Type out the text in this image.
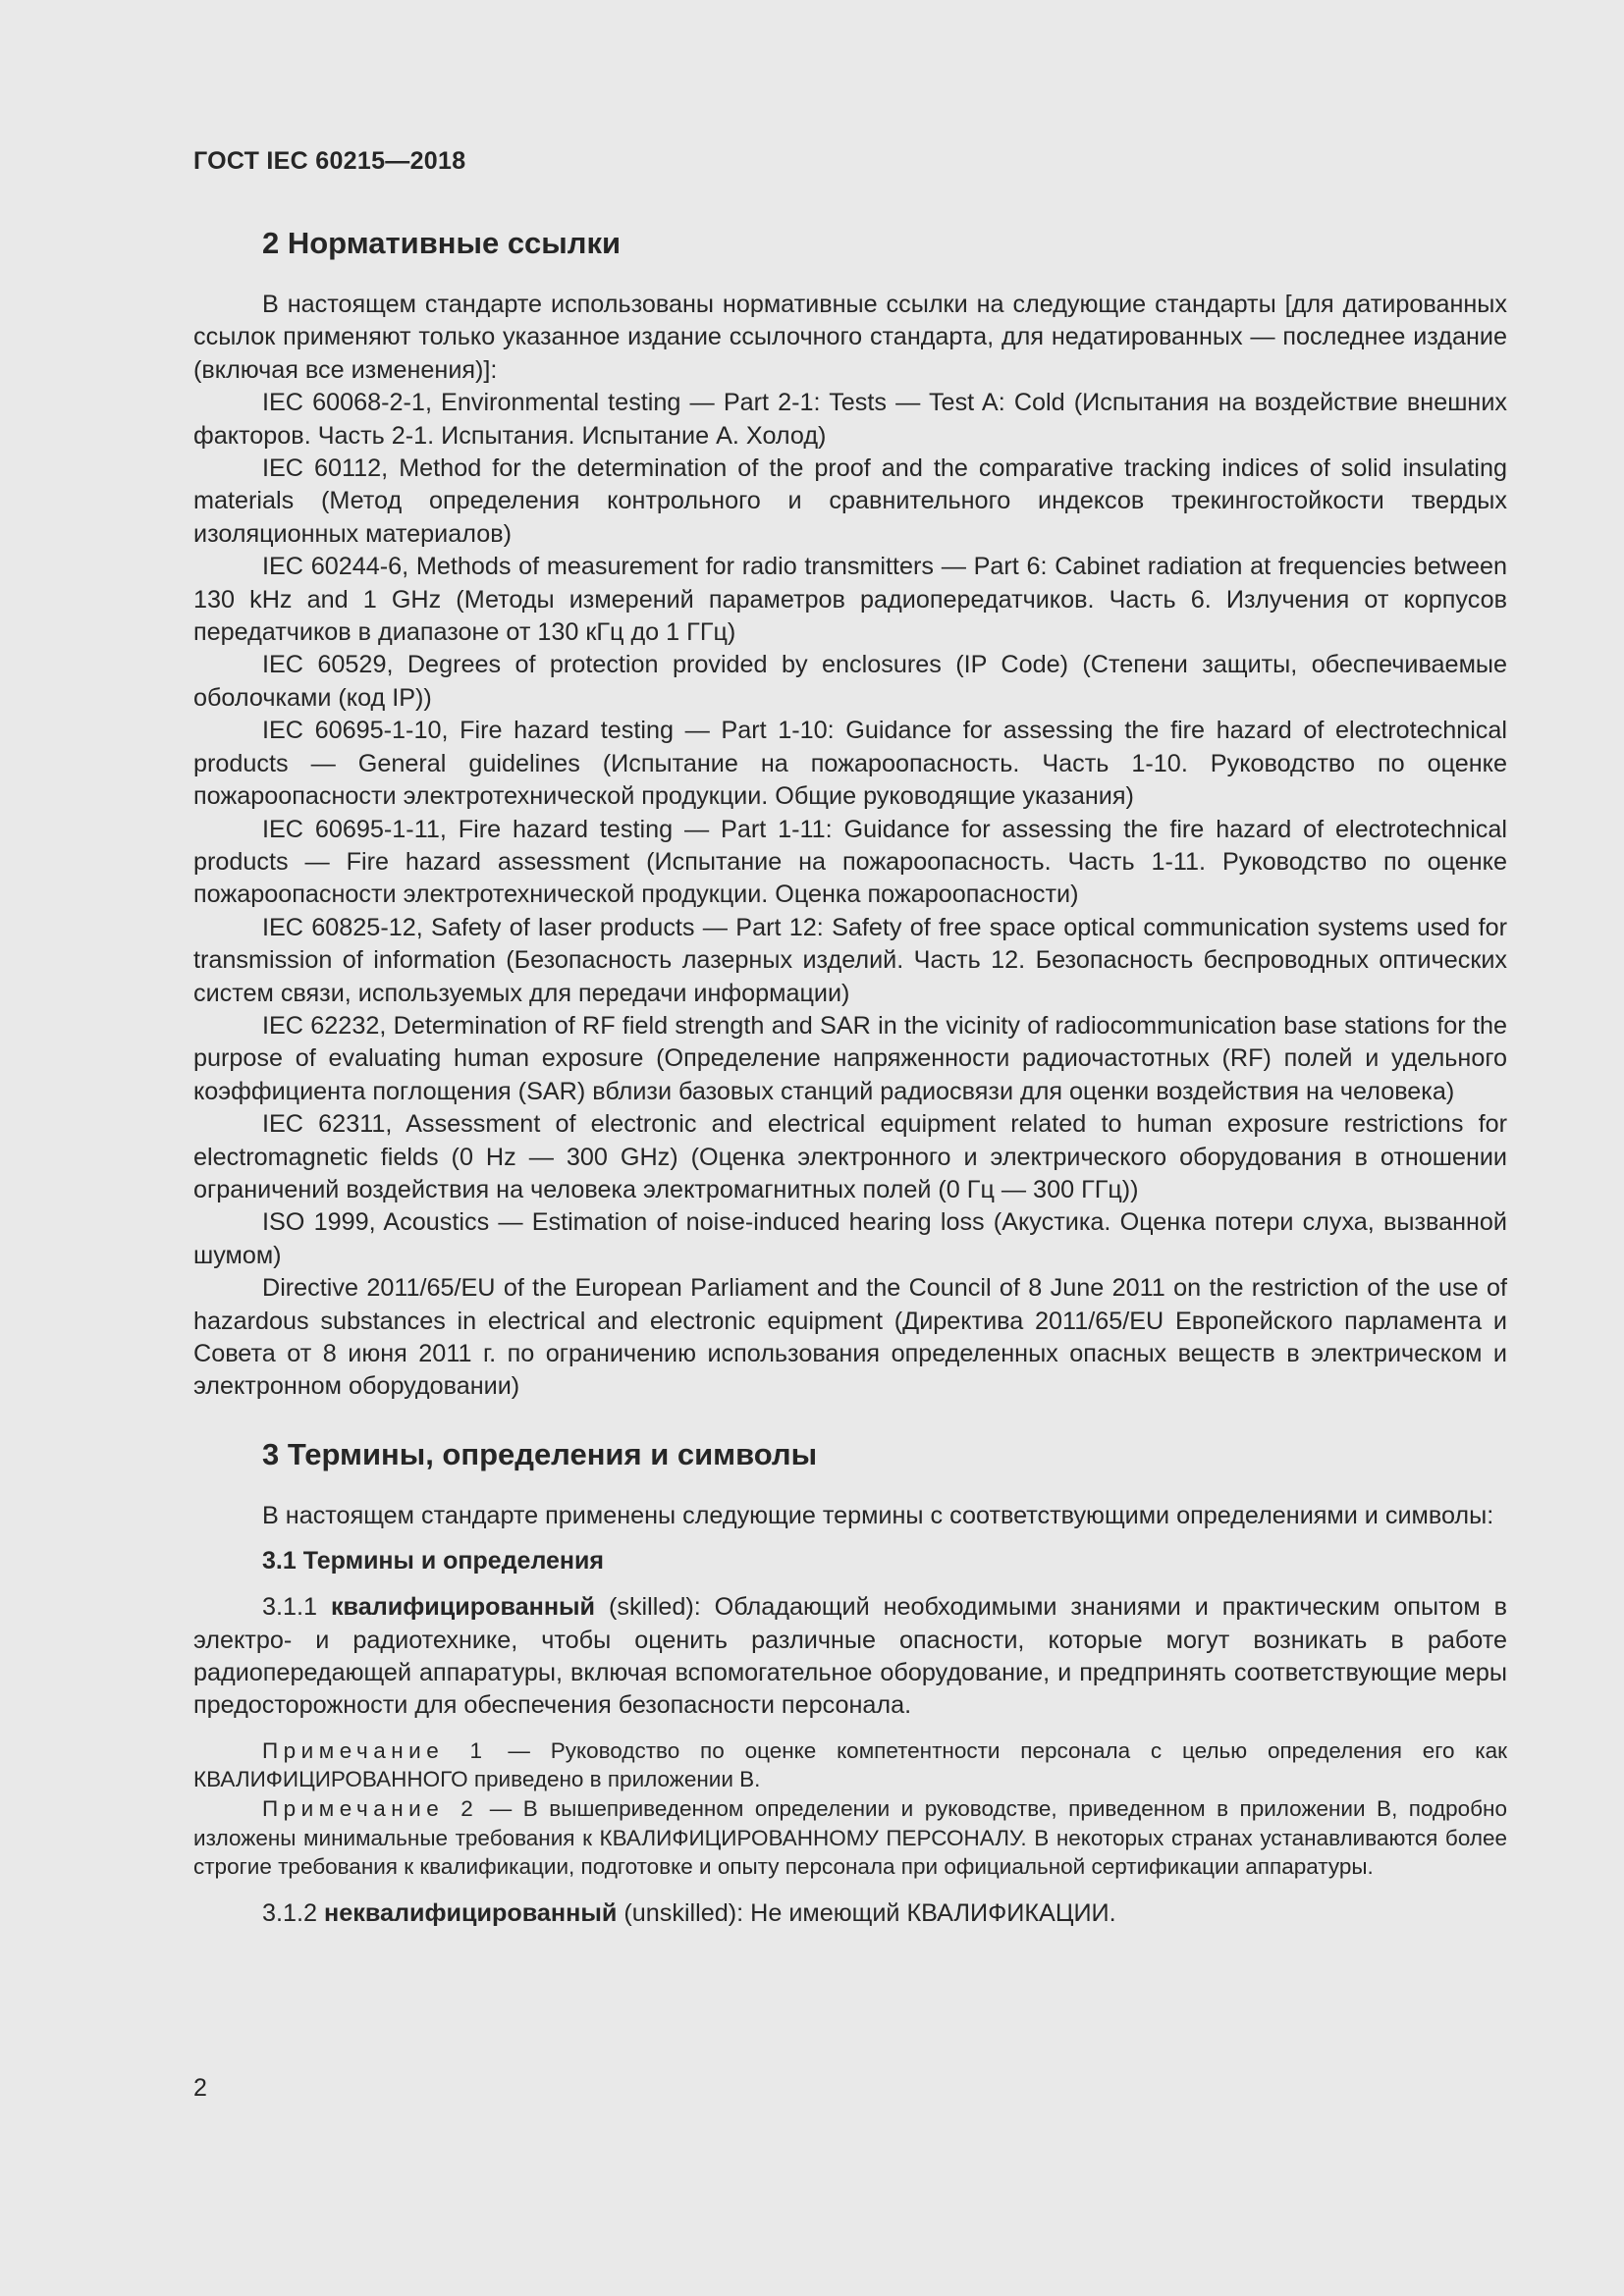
ГОСТ IEC 60215—2018
2 Нормативные ссылки

В настоящем стандарте использованы нормативные ссылки на следующие стандарты [для датированных ссылок применяют только указанное издание ссылочного стандарта, для недатированных — последнее издание (включая все изменения)]:

IEC 60068-2-1, Environmental testing — Part 2-1: Tests — Test A: Cold (Испытания на воздействие внешних факторов. Часть 2-1. Испытания. Испытание А. Холод)

IEC 60112, Method for the determination of the proof and the comparative tracking indices of solid insulating materials (Метод определения контрольного и сравнительного индексов трекингостойкости твердых изоляционных материалов)

IEC 60244-6, Methods of measurement for radio transmitters — Part 6: Cabinet radiation at frequencies between 130 kHz and 1 GHz (Методы измерений параметров радиопередатчиков. Часть 6. Излучения от корпусов передатчиков в диапазоне от 130 кГц до 1 ГГц)

IEC 60529, Degrees of protection provided by enclosures (IP Code) (Степени защиты, обеспечиваемые оболочками (код IP))

IEC 60695-1-10, Fire hazard testing — Part 1-10: Guidance for assessing the fire hazard of electrotechnical products — General guidelines (Испытание на пожароопасность. Часть 1-10. Руководство по оценке пожароопасности электротехнической продукции. Общие руководящие указания)

IEC 60695-1-11, Fire hazard testing — Part 1-11: Guidance for assessing the fire hazard of electrotechnical products — Fire hazard assessment (Испытание на пожароопасность. Часть 1-11. Руководство по оценке пожароопасности электротехнической продукции. Оценка пожароопасности)

IEC 60825-12, Safety of laser products — Part 12: Safety of free space optical communication systems used for transmission of information (Безопасность лазерных изделий. Часть 12. Безопасность беспроводных оптических систем связи, используемых для передачи информации)

IEC 62232, Determination of RF field strength and SAR in the vicinity of radiocommunication base stations for the purpose of evaluating human exposure (Определение напряженности радиочастотных (RF) полей и удельного коэффициента поглощения (SAR) вблизи базовых станций радиосвязи для оценки воздействия на человека)

IEC 62311, Assessment of electronic and electrical equipment related to human exposure restrictions for electromagnetic fields (0 Hz — 300 GHz) (Оценка электронного и электрического оборудования в отношении ограничений воздействия на человека электромагнитных полей (0 Гц — 300 ГГц))

ISO 1999, Acoustics — Estimation of noise-induced hearing loss (Акустика. Оценка потери слуха, вызванной шумом)

Directive 2011/65/EU of the European Parliament and the Council of 8 June 2011 on the restriction of the use of hazardous substances in electrical and electronic equipment (Директива 2011/65/EU Европейского парламента и Совета от 8 июня 2011 г. по ограничению использования определенных опасных веществ в электрическом и электронном оборудовании)

3 Термины, определения и символы

В настоящем стандарте применены следующие термины с соответствующими определениями и символы:

3.1 Термины и определения

3.1.1 квалифицированный (skilled): Обладающий необходимыми знаниями и практическим опытом в электро- и радиотехнике, чтобы оценить различные опасности, которые могут возникать в работе радиопередающей аппаратуры, включая вспомогательное оборудование, и предпринять соответствующие меры предосторожности для обеспечения безопасности персонала.

Примечание 1 — Руководство по оценке компетентности персонала с целью определения его как КВАЛИФИЦИРОВАННОГО приведено в приложении В.

Примечание 2 — В вышеприведенном определении и руководстве, приведенном в приложении В, подробно изложены минимальные требования к КВАЛИФИЦИРОВАННОМУ ПЕРСОНАЛУ. В некоторых странах устанавливаются более строгие требования к квалификации, подготовке и опыту персонала при официальной сертификации аппаратуры.

3.1.2 неквалифицированный (unskilled): Не имеющий КВАЛИФИКАЦИИ.

2
